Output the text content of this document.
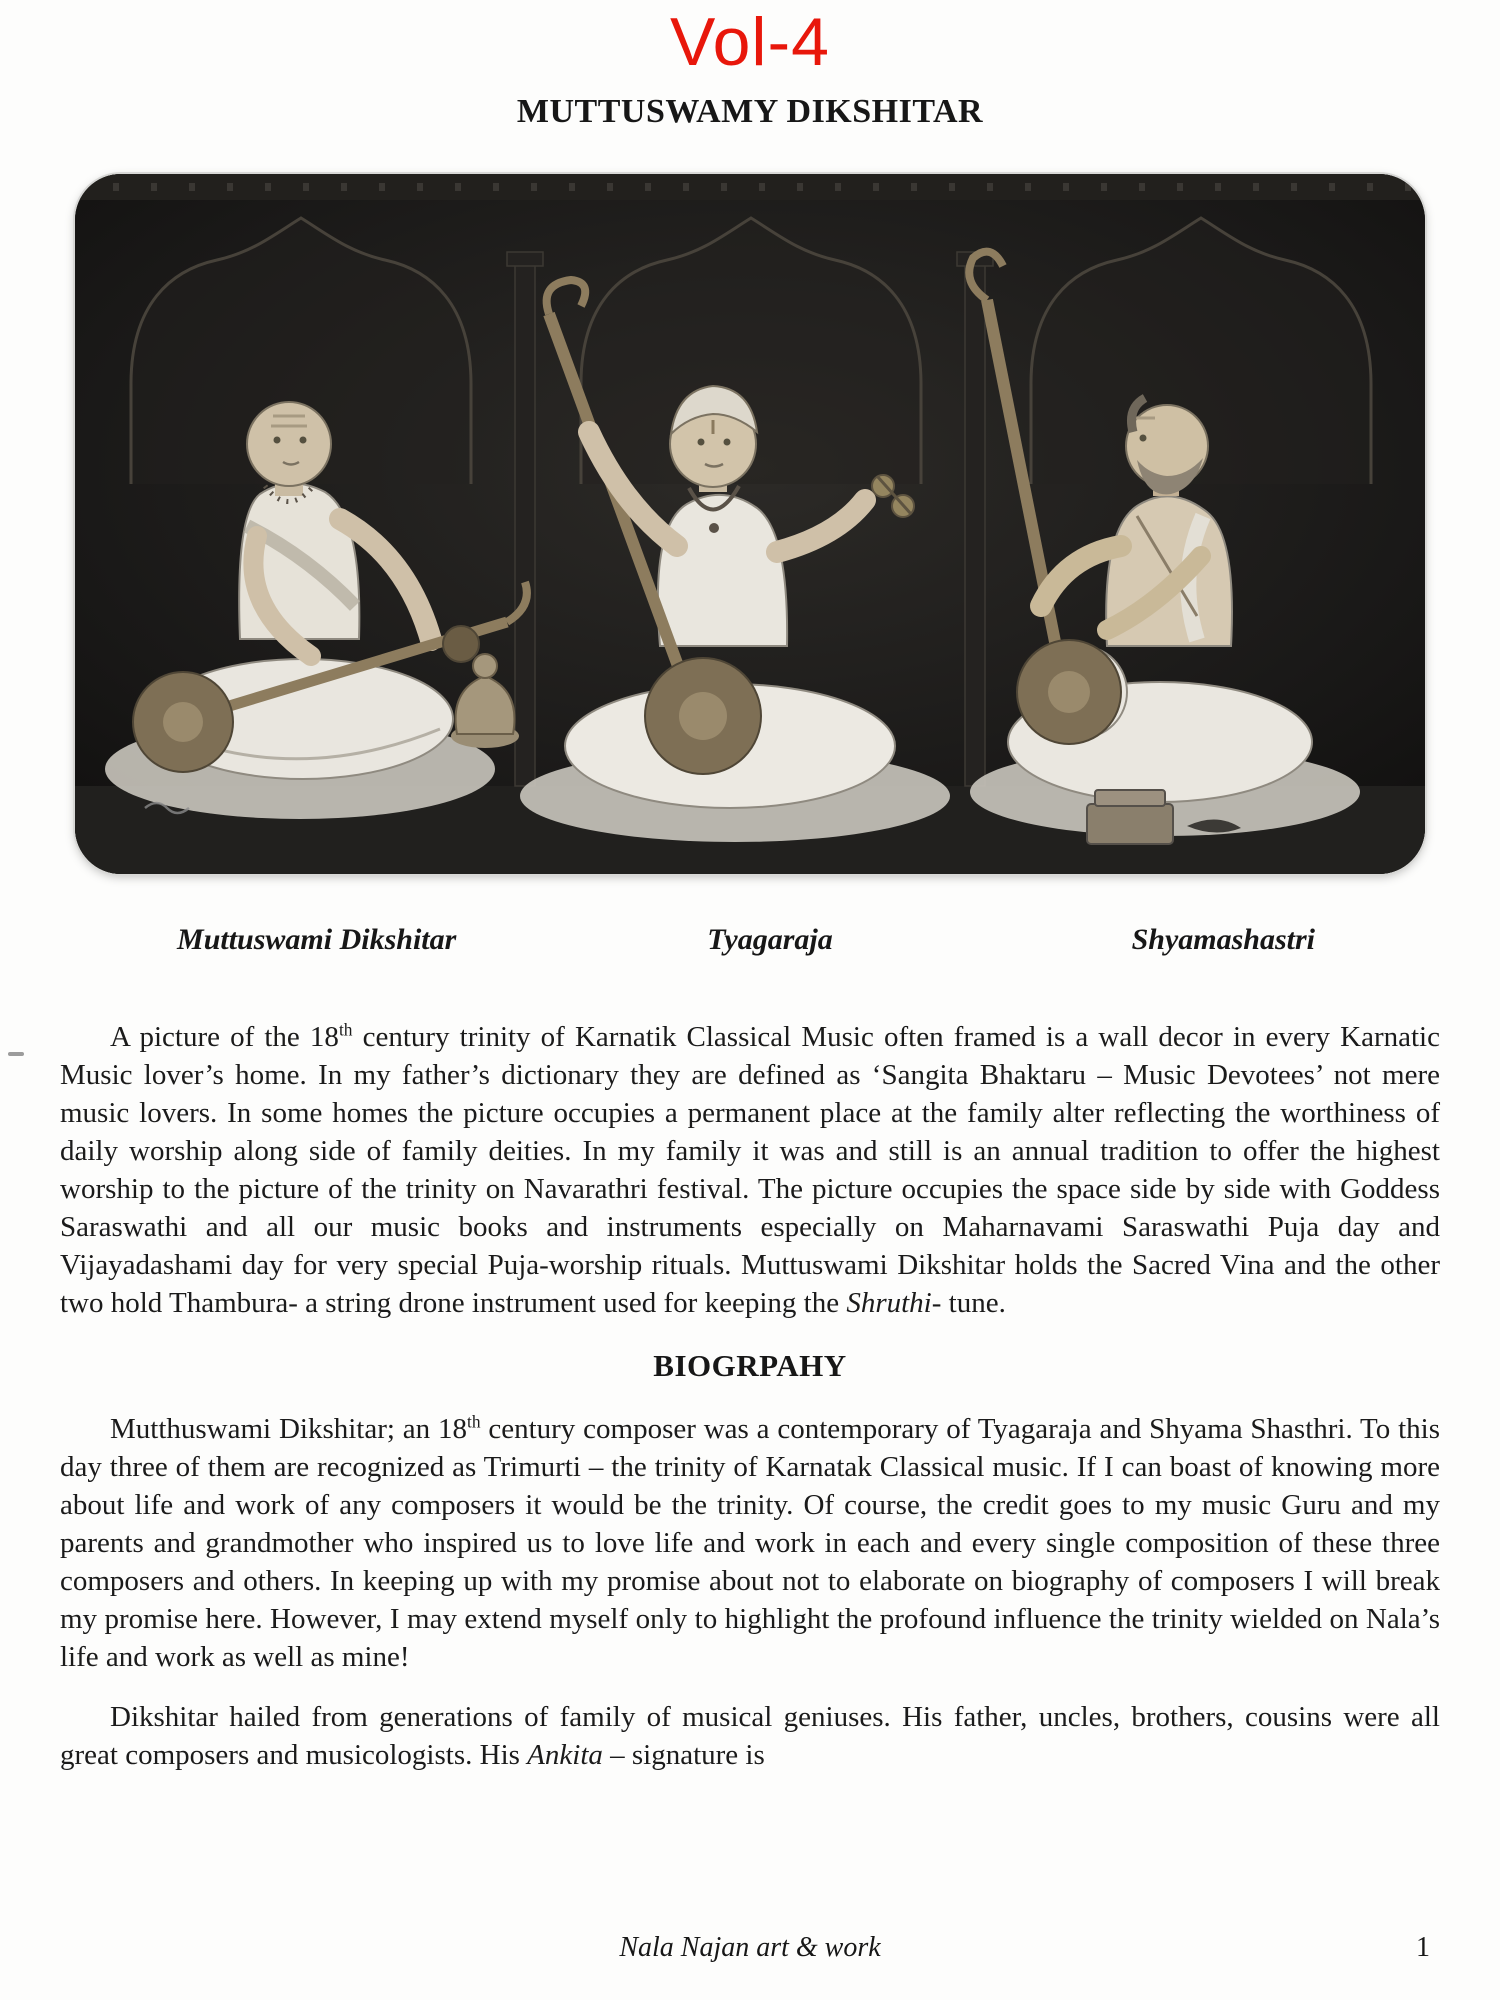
Vol-4
MUTTUSWAMY DIKSHITAR
Muttuswami Dikshitar	Tyagaraja	Shyamashastri

A picture of the 18th century trinity of Karnatik Classical Music often framed is a wall decor in every Karnatic Music lover’s home. In my father’s dictionary they are defined as ‘Sangita Bhaktaru – Music Devotees’ not mere music lovers. In some homes the picture occupies a permanent place at the family alter reflecting the worthiness of daily worship along side of family deities. In my family it was and still is an annual tradition to offer the highest worship to the picture of the trinity on Navarathri festival. The picture occupies the space side by side with Goddess Saraswathi and all our music books and instruments especially on Maharnavami Saraswathi Puja day and Vijayadashami day for very special Puja-worship rituals. Muttuswami Dikshitar holds the Sacred Vina and the other two hold Thambura- a string drone instrument used for keeping the Shruthi- tune.

BIOGRPAHY

Mutthuswami Dikshitar; an 18th century composer was a contemporary of Tyagaraja and Shyama Shasthri. To this day three of them are recognized as Trimurti – the trinity of Karnatak Classical music. If I can boast of knowing more about life and work of any composers it would be the trinity. Of course, the credit goes to my music Guru and my parents and grandmother who inspired us to love life and work in each and every single composition of these three composers and others. In keeping up with my promise about not to elaborate on biography of composers I will break my promise here. However, I may extend myself only to highlight the profound influence the trinity wielded on Nala’s life and work as well as mine!

Dikshitar hailed from generations of family of musical geniuses. His father, uncles, brothers, cousins were all great composers and musicologists. His Ankita – signature is

Nala Najan art & work	1
